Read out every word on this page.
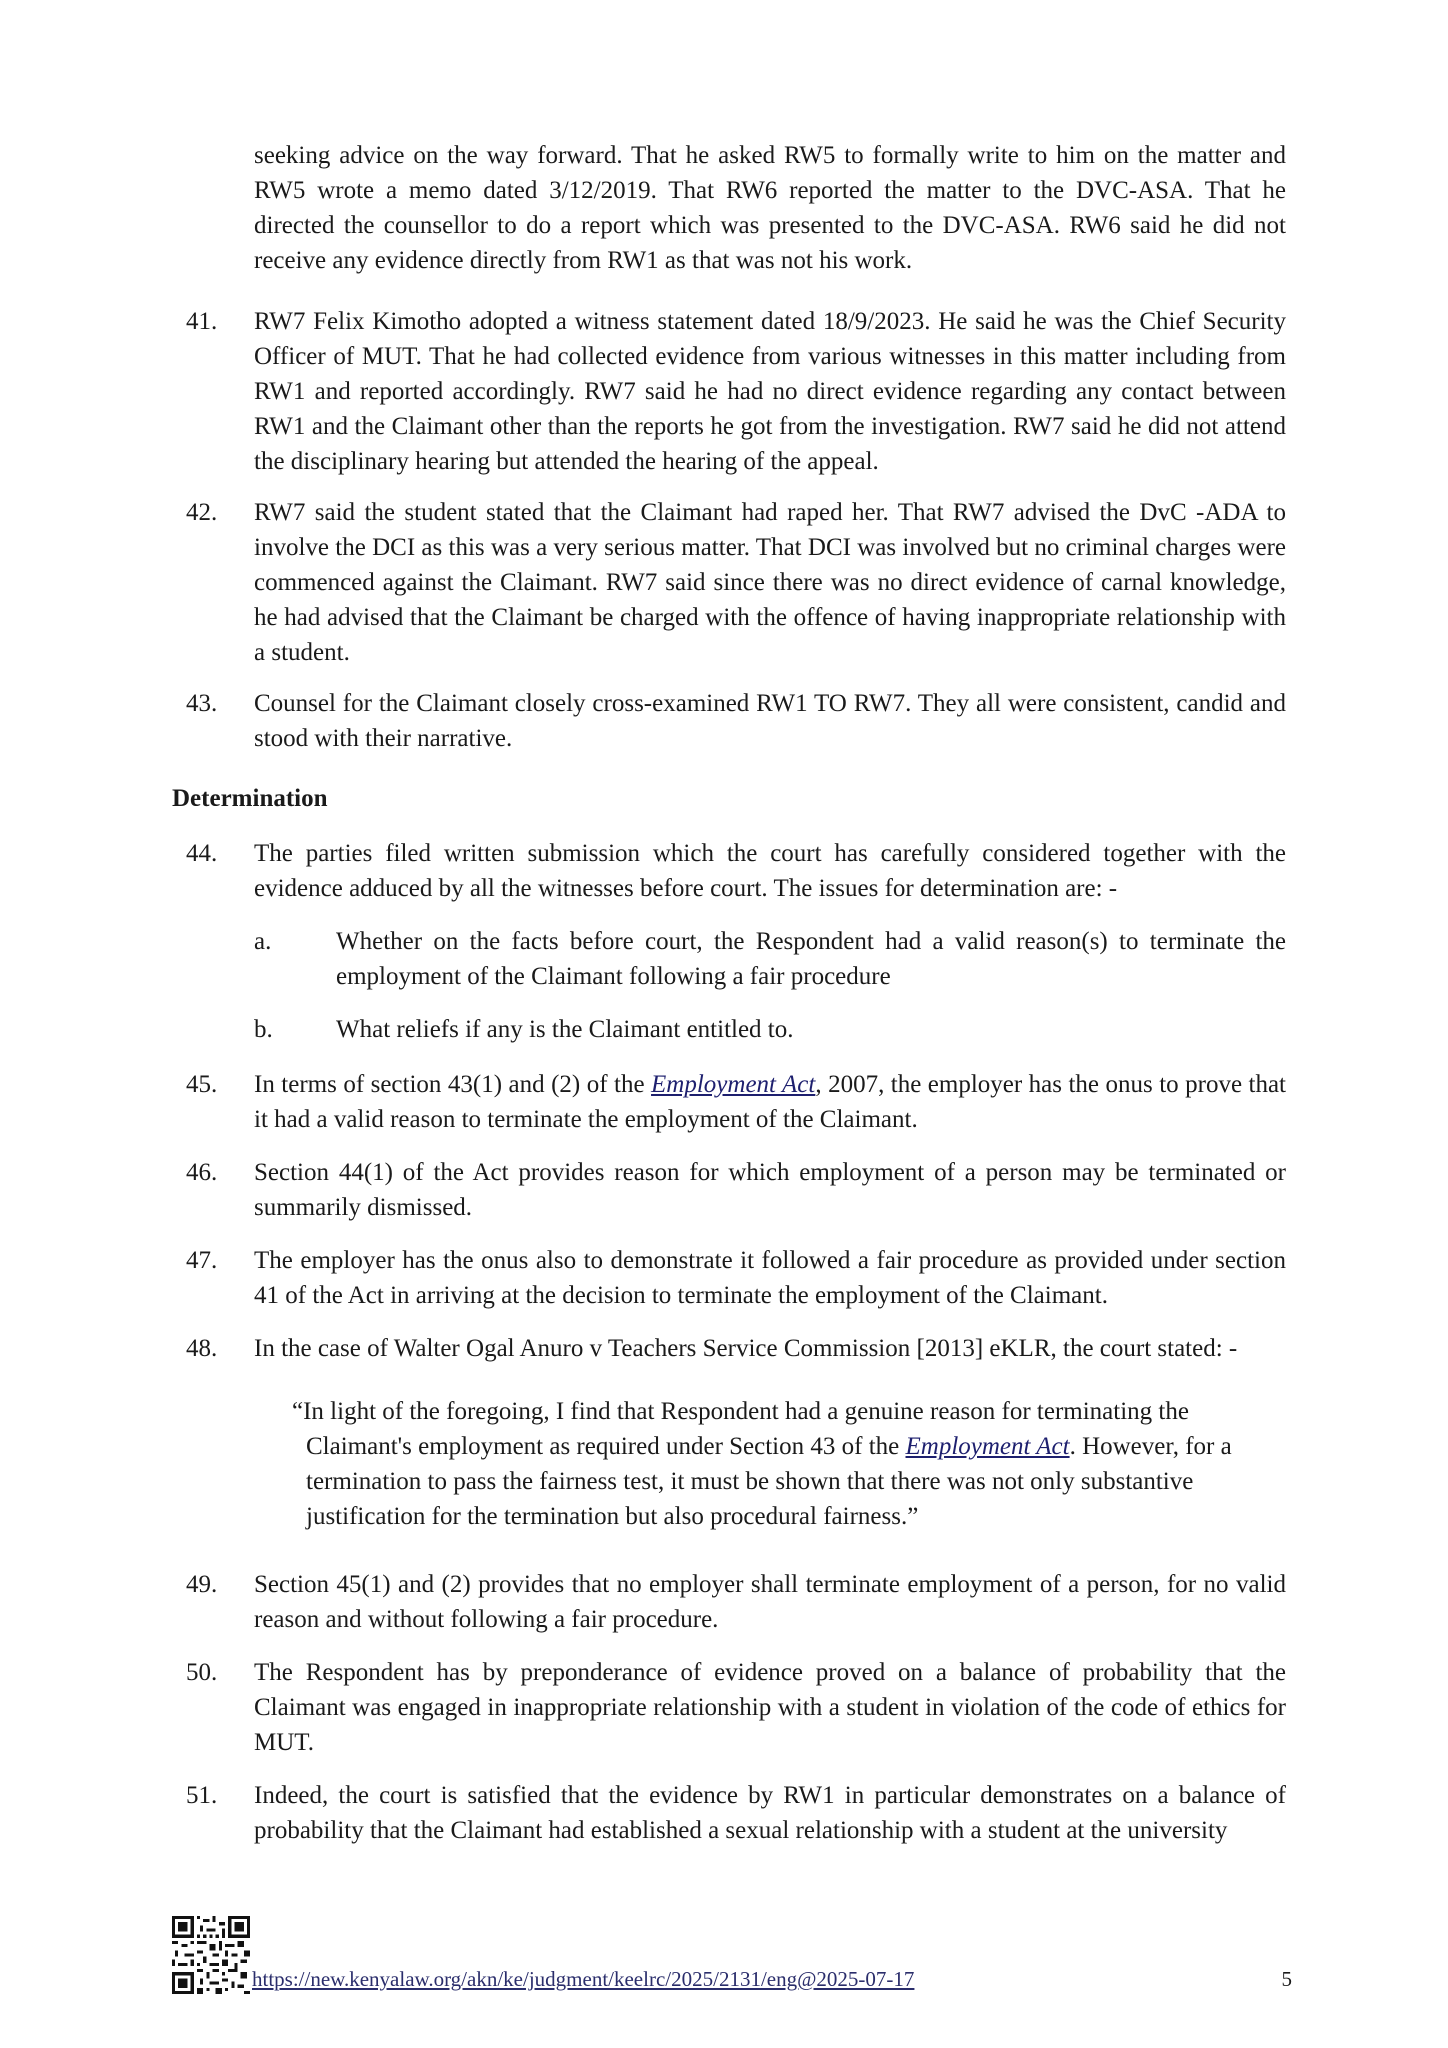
seeking advice on the way forward. That he asked RW5 to formally write to him on the matter and RW5 wrote a memo dated 3/12/2019. That RW6 reported the matter to the DVC-ASA. That he directed the counsellor to do a report which was presented to the DVC-ASA. RW6 said he did not receive any evidence directly from RW1 as that was not his work.
41.	RW7 Felix Kimotho adopted a witness statement dated 18/9/2023. He said he was the Chief Security Officer of MUT. That he had collected evidence from various witnesses in this matter including from RW1 and reported accordingly. RW7 said he had no direct evidence regarding any contact between RW1 and the Claimant other than the reports he got from the investigation. RW7 said he did not attend the disciplinary hearing but attended the hearing of the appeal.
42.	RW7 said the student stated that the Claimant had raped her. That RW7 advised the DvC -ADA to involve the DCI as this was a very serious matter. That DCI was involved but no criminal charges were commenced against the Claimant. RW7 said since there was no direct evidence of carnal knowledge, he had advised that the Claimant be charged with the offence of having inappropriate relationship with a student.
43.	Counsel for the Claimant closely cross-examined RW1 TO RW7. They all were consistent, candid and stood with their narrative.
Determination
44.	The parties filed written submission which the court has carefully considered together with the evidence adduced by all the witnesses before court. The issues for determination are: -
a.	Whether on the facts before court, the Respondent had a valid reason(s) to terminate the employment of the Claimant following a fair procedure
b.	What reliefs if any is the Claimant entitled to.
45.	In terms of section 43(1) and (2) of the Employment Act, 2007, the employer has the onus to prove that it had a valid reason to terminate the employment of the Claimant.
46.	Section 44(1) of the Act provides reason for which employment of a person may be terminated or summarily dismissed.
47.	The employer has the onus also to demonstrate it followed a fair procedure as provided under section 41 of the Act in arriving at the decision to terminate the employment of the Claimant.
48.	In the case of Walter Ogal Anuro v Teachers Service Commission [2013] eKLR, the court stated: -
“In light of the foregoing, I find that Respondent had a genuine reason for terminating the Claimant's employment as required under Section 43 of the Employment Act. However, for a termination to pass the fairness test, it must be shown that there was not only substantive justification for the termination but also procedural fairness.”
49.	Section 45(1) and (2) provides that no employer shall terminate employment of a person, for no valid reason and without following a fair procedure.
50.	The Respondent has by preponderance of evidence proved on a balance of probability that the Claimant was engaged in inappropriate relationship with a student in violation of the code of ethics for MUT.
51.	Indeed, the court is satisfied that the evidence by RW1 in particular demonstrates on a balance of probability that the Claimant had established a sexual relationship with a student at the university
https://new.kenyalaw.org/akn/ke/judgment/keelrc/2025/2131/eng@2025-07-17	5
